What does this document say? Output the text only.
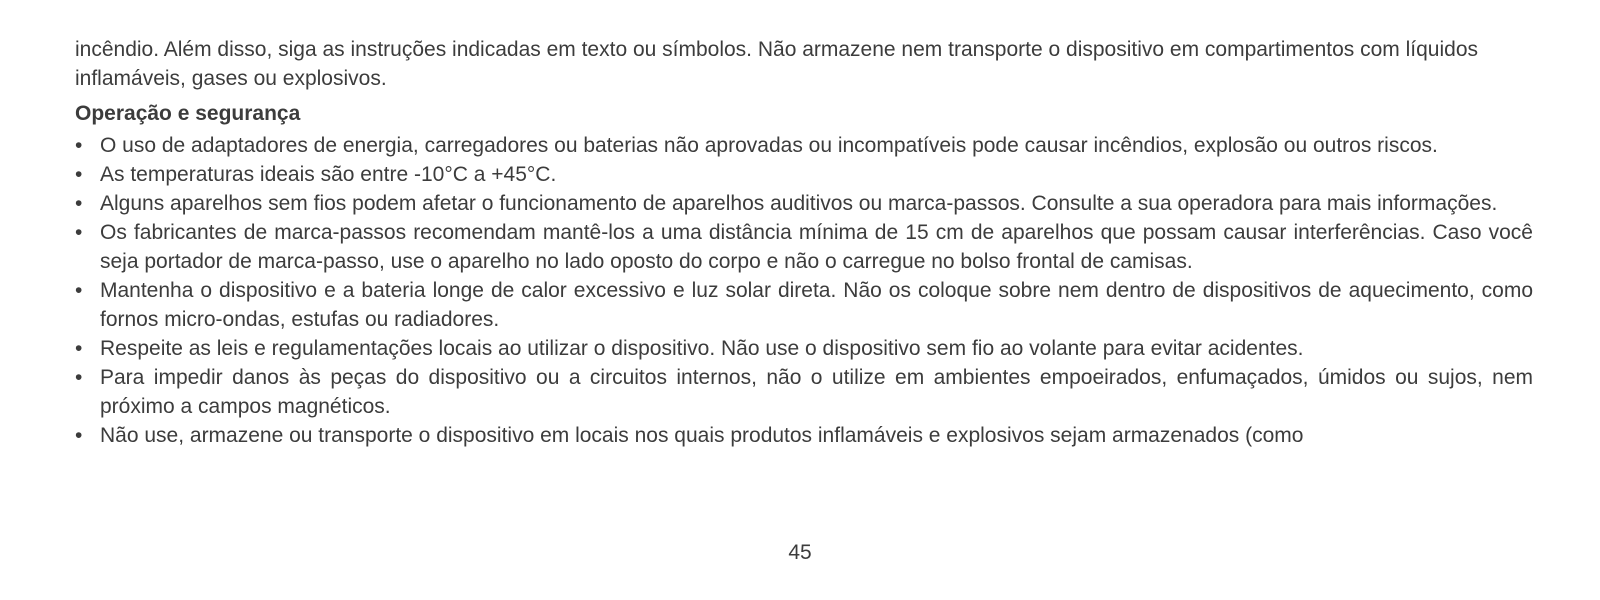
incêndio. Além disso, siga as instruções indicadas em texto ou símbolos. Não armazene nem transporte o dispositivo em compartimentos com líquidos inflamáveis, gases ou explosivos.

Operação e segurança
• O uso de adaptadores de energia, carregadores ou baterias não aprovadas ou incompatíveis pode causar incêndios, explosão ou outros riscos.
• As temperaturas ideais são entre -10°C a +45°C.
• Alguns aparelhos sem fios podem afetar o funcionamento de aparelhos auditivos ou marca-passos. Consulte a sua operadora para mais informações.
• Os fabricantes de marca-passos recomendam mantê-los a uma distância mínima de 15 cm de aparelhos que possam causar interferências. Caso você seja portador de marca-passo, use o aparelho no lado oposto do corpo e não o carregue no bolso frontal de camisas.
• Mantenha o dispositivo e a bateria longe de calor excessivo e luz solar direta. Não os coloque sobre nem dentro de dispositivos de aquecimento, como fornos micro-ondas, estufas ou radiadores.
• Respeite as leis e regulamentações locais ao utilizar o dispositivo. Não use o dispositivo sem fio ao volante para evitar acidentes.
• Para impedir danos às peças do dispositivo ou a circuitos internos, não o utilize em ambientes empoeirados, enfumaçados, úmidos ou sujos, nem próximo a campos magnéticos.
• Não use, armazene ou transporte o dispositivo em locais nos quais produtos inflamáveis e explosivos sejam armazenados (como
45
